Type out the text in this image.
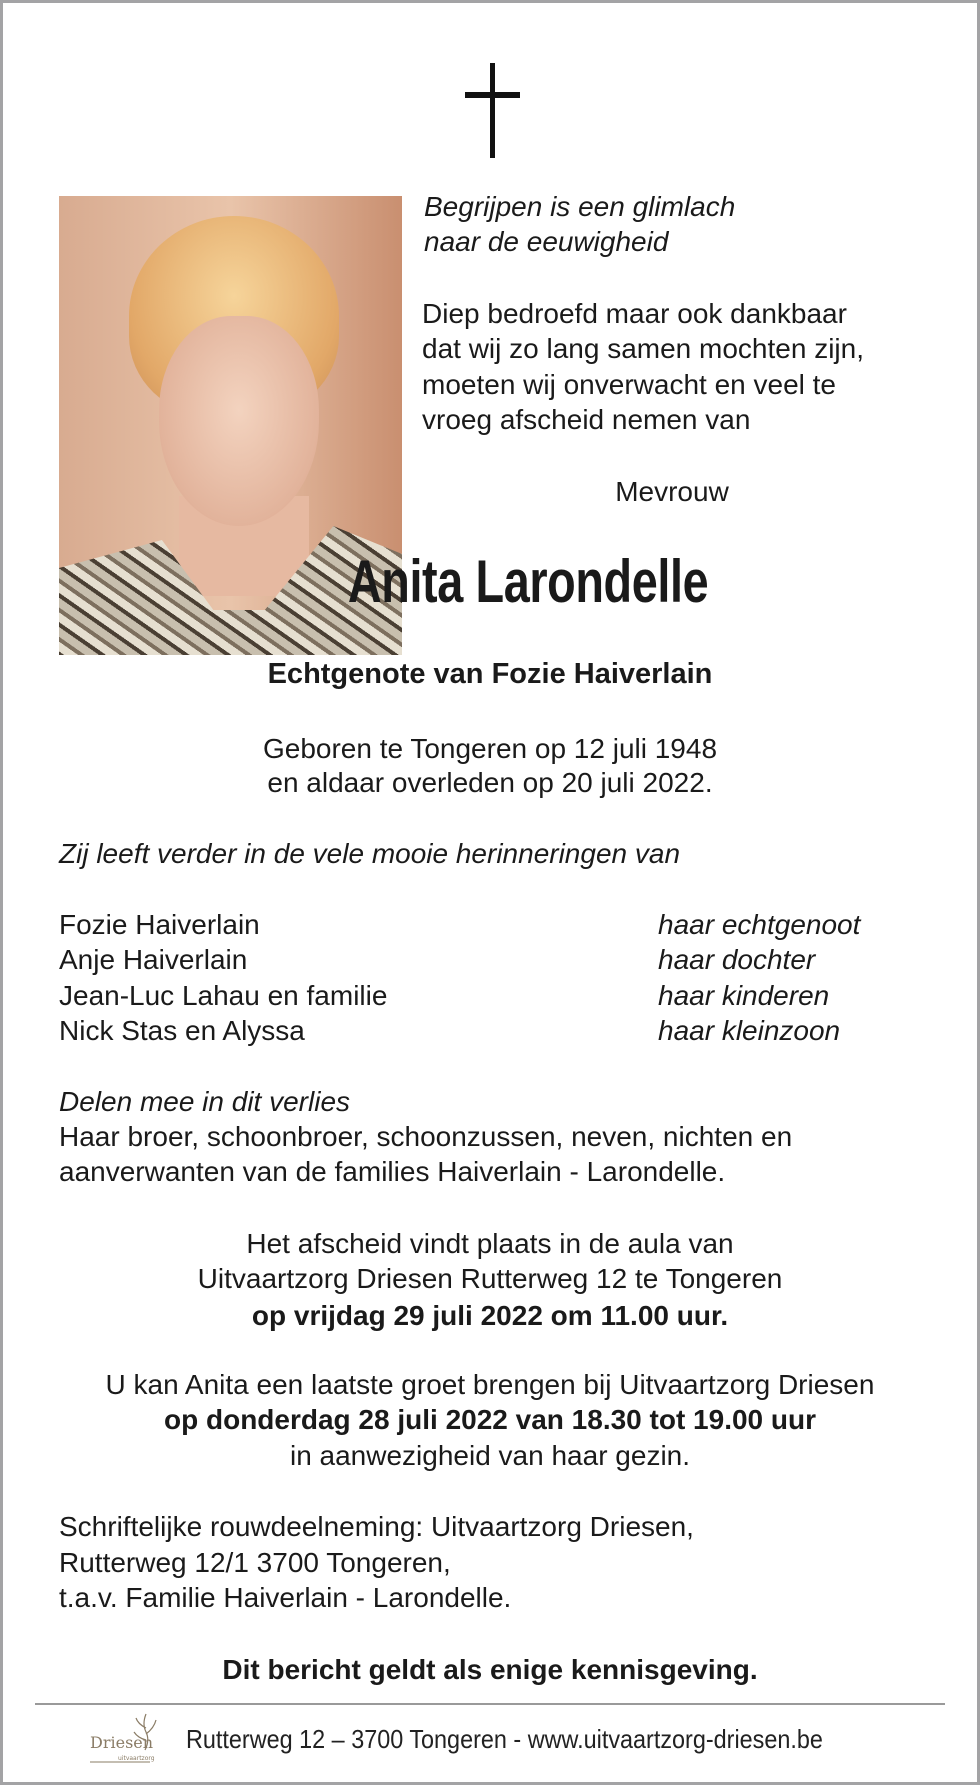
Begrijpen is een glimlach
naar de eeuwigheid
Diep bedroefd maar ook dankbaar
dat wij zo lang samen mochten zijn,
moeten wij onverwacht en veel te
vroeg afscheid nemen van
Mevrouw
Anita Larondelle
Echtgenote van Fozie Haiverlain
Geboren te Tongeren op 12 juli 1948
en aldaar overleden op 20 juli 2022.
Zij leeft verder in de vele mooie herinneringen van
Fozie Haiverlain	haar echtgenoot
Anje Haiverlain	haar dochter
Jean-Luc Lahau en familie	haar kinderen
Nick Stas en Alyssa	haar kleinzoon
Delen mee in dit verlies
Haar broer, schoonbroer, schoonzussen, neven, nichten en
aanverwanten van de families Haiverlain - Larondelle.
Het afscheid vindt plaats in de aula van
Uitvaartzorg Driesen Rutterweg 12 te Tongeren
op vrijdag 29 juli 2022 om 11.00 uur.
U kan Anita een laatste groet brengen bij Uitvaartzorg Driesen
op donderdag 28 juli 2022 van 18.30 tot 19.00 uur
in aanwezigheid van haar gezin.
Schriftelijke rouwdeelneming: Uitvaartzorg Driesen,
Rutterweg 12/1 3700 Tongeren,
t.a.v. Familie Haiverlain - Larondelle.
Dit bericht geldt als enige kennisgeving.
Driesen
uitvaartzorg
Rutterweg 12 – 3700 Tongeren - www.uitvaartzorg-driesen.be
